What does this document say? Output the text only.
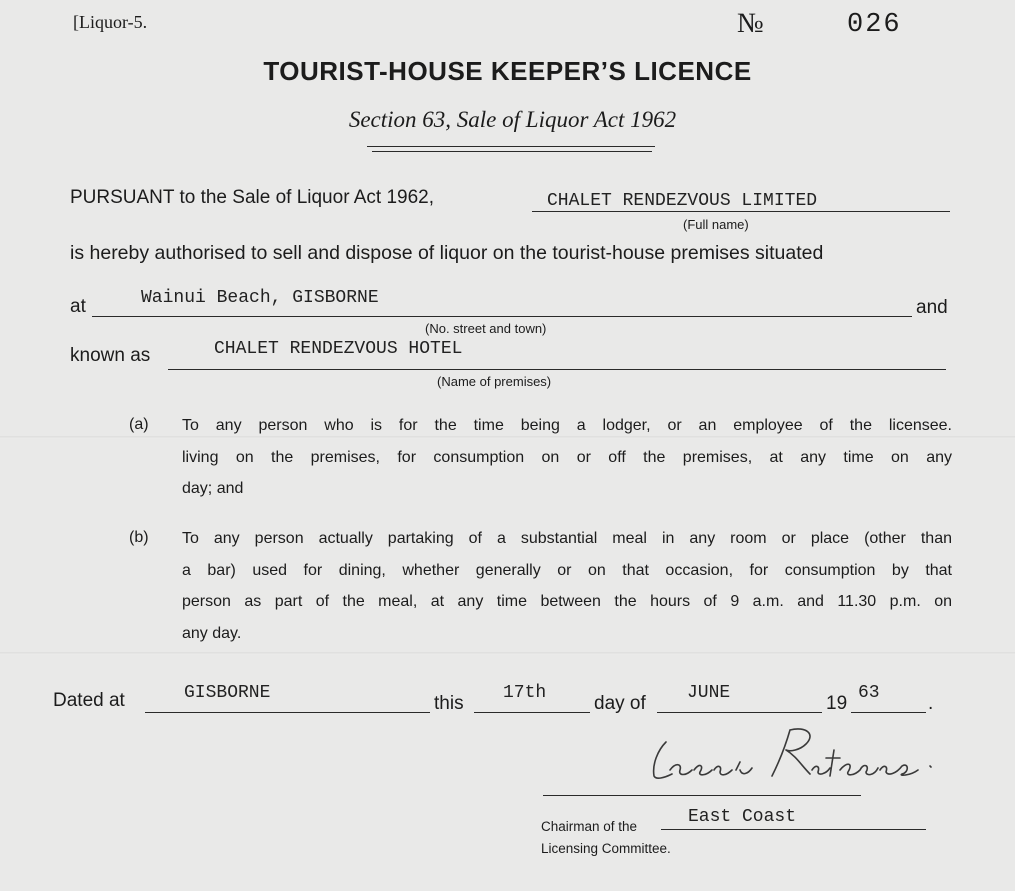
[Liquor-5.	№	026
TOURIST-HOUSE KEEPER’S LICENCE
Section 63, Sale of Liquor Act 1962
PURSUANT to the Sale of Liquor Act 1962,	CHALET RENDEZVOUS LIMITED
(Full name)
is hereby authorised to sell and dispose of liquor on the tourist-house premises situated
at	Wainui Beach, GISBORNE	and
(No. street and town)
known as	CHALET RENDEZVOUS HOTEL
(Name of premises)
(a) To any person who is for the time being a lodger, or an employee of the licensee.
living on the premises, for consumption on or off the premises, at any time on any
day; and
(b) To any person actually partaking of a substantial meal in any room or place (other than
a bar) used for dining, whether generally or on that occasion, for consumption by that
person as part of the meal, at any time between the hours of 9 a.m. and 11.30 p.m. on
any day.
Dated at	GISBORNE	this 17th	day of JUNE	19 63	.
Chairman of the	East Coast
Licensing Committee.
